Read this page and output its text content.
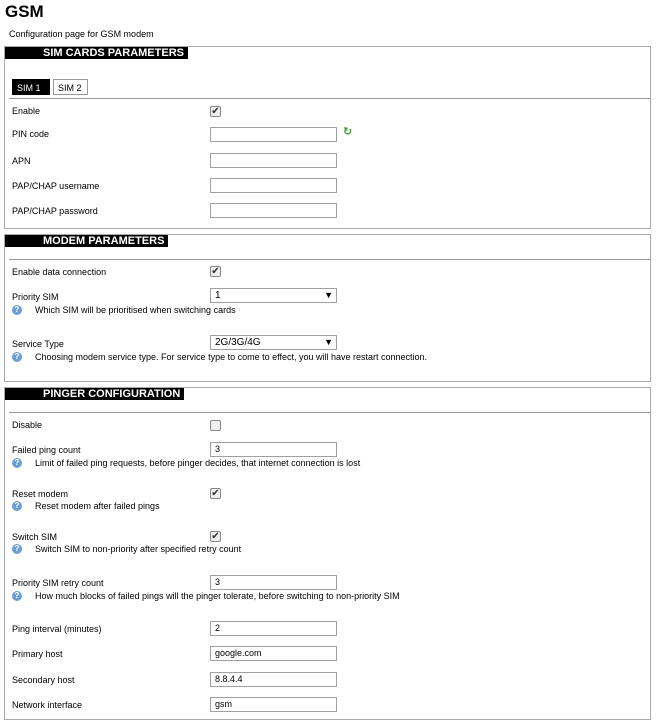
GSM
Configuration page for GSM modem
SIM CARDS PARAMETERS
SIM 1	SIM 2
Enable	✔
PIN code	↻
APN
PAP/CHAP username
PAP/CHAP password
MODEM PARAMETERS
Enable data connection	✔
Priority SIM	1	▼
? Which SIM will be prioritised when switching cards
Service Type	2G/3G/4G	▼
? Choosing modem service type. For service type to come to effect, you will have restart connection.
PINGER CONFIGURATION
Disable
Failed ping count	3
? Limit of failed ping requests, before pinger decides, that internet connection is lost
Reset modem	✔
? Reset modem after failed pings
Switch SIM	✔
? Switch SIM to non-priority after specified retry count
Priority SIM retry count	3
? How much blocks of failed pings will the pinger tolerate, before switching to non-priority SIM
Ping interval (minutes)	2
Primary host	google.com
Secondary host	8.8.4.4
Network interface	gsm
